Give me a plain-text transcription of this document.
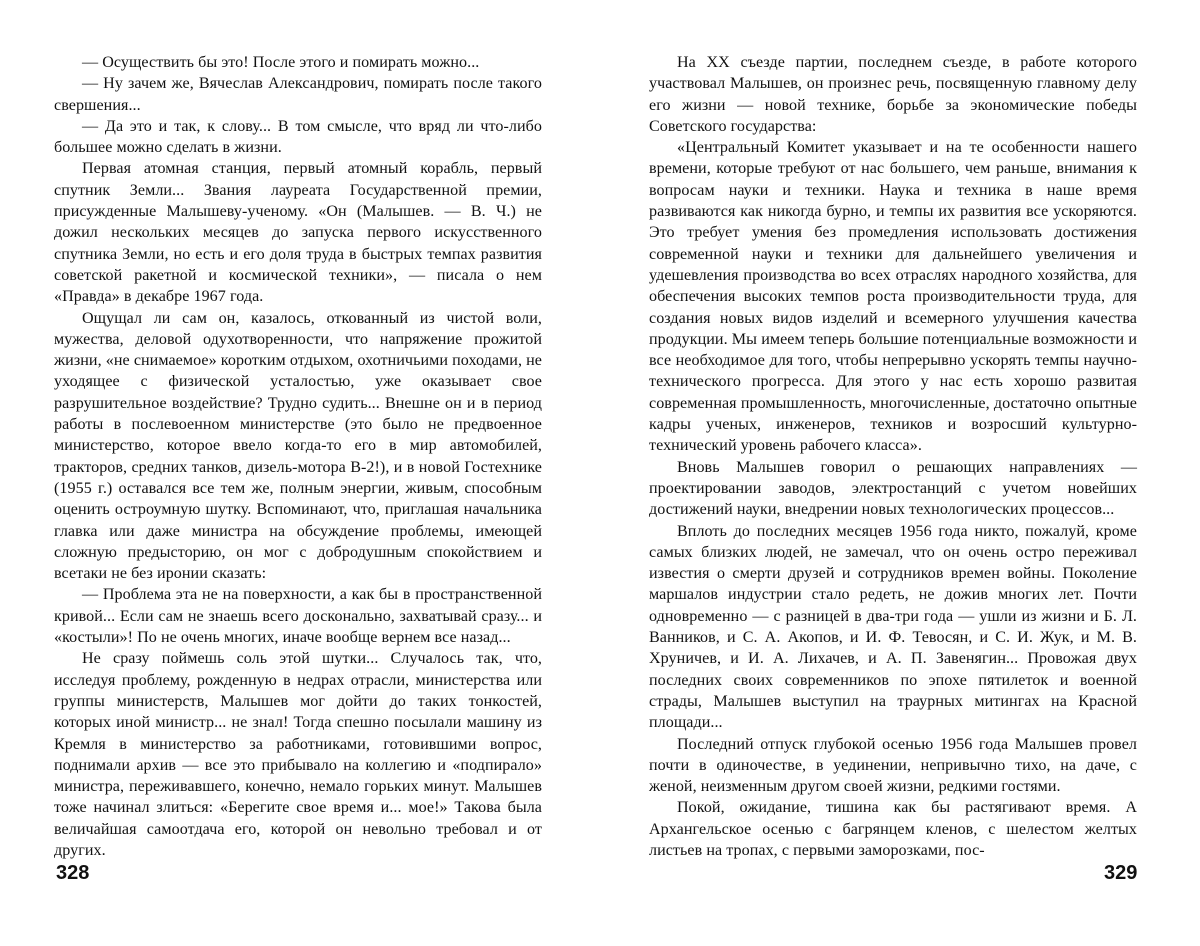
— Осуществить бы это! После этого и помирать можно...

— Ну зачем же, Вячеслав Александрович, помирать после такого свершения...

— Да это и так, к слову... В том смысле, что вряд ли что-либо большее можно сделать в жизни.

Первая атомная станция, первый атомный корабль, первый спутник Земли... Звания лауреата Государственной премии, присужденные Малышеву-ученому. «Он (Малышев. — В. Ч.) не дожил нескольких месяцев до запуска первого искусственного спутника Земли, но есть и его доля труда в быстрых темпах развития советской ракетной и космической техники», — писала о нем «Правда» в декабре 1967 года.

Ощущал ли сам он, казалось, откованный из чистой воли, мужества, деловой одухотворенности, что напряжение прожитой жизни, «не снимаемое» коротким отдыхом, охотничьими походами, не уходящее с физической усталостью, уже оказывает свое разрушительное воздействие? Трудно судить... Внешне он и в период работы в послевоенном министерстве (это было не предвоенное министерство, которое ввело когда-то его в мир автомобилей, тракторов, средних танков, дизель-мотора В-2!), и в новой Гостехнике (1955 г.) оставался все тем же, полным энергии, живым, способным оценить остроумную шутку. Вспоминают, что, приглашая начальника главка или даже министра на обсуждение проблемы, имеющей сложную предысторию, он мог с добродушным спокойствием и всетаки не без иронии сказать:

— Проблема эта не на поверхности, а как бы в пространственной кривой... Если сам не знаешь всего досконально, захватывай сразу... и «костыли»! По не очень многих, иначе вообще вернем все назад...

Не сразу поймешь соль этой шутки... Случалось так, что, исследуя проблему, рожденную в недрах отрасли, министерства или группы министерств, Малышев мог дойти до таких тонкостей, которых иной министр... не знал! Тогда спешно посылали машину из Кремля в министерство за работниками, готовившими вопрос, поднимали архив — все это прибывало на коллегию и «подпирало» министра, переживавшего, конечно, немало горьких минут. Малышев тоже начинал злиться: «Берегите свое время и... мое!» Такова была величайшая самоотдача его, которой он невольно требовал и от других.

328

На XX съезде партии, последнем съезде, в работе которого участвовал Малышев, он произнес речь, посвященную главному делу его жизни — новой технике, борьбе за экономические победы Советского государства:

«Центральный Комитет указывает и на те особенности нашего времени, которые требуют от нас большего, чем раньше, внимания к вопросам науки и техники. Наука и техника в наше время развиваются как никогда бурно, и темпы их развития все ускоряются. Это требует умения без промедления использовать достижения современной науки и техники для дальнейшего увеличения и удешевления производства во всех отраслях народного хозяйства, для обеспечения высоких темпов роста производительности труда, для создания новых видов изделий и всемерного улучшения качества продукции. Мы имеем теперь большие потенциальные возможности и все необходимое для того, чтобы непрерывно ускорять темпы научно-технического прогресса. Для этого у нас есть хорошо развитая современная промышленность, многочисленные, достаточно опытные кадры ученых, инженеров, техников и возросший культурно-технический уровень рабочего класса».

Вновь Малышев говорил о решающих направлениях — проектировании заводов, электростанций с учетом новейших достижений науки, внедрении новых технологических процессов...

Вплоть до последних месяцев 1956 года никто, пожалуй, кроме самых близких людей, не замечал, что он очень остро переживал известия о смерти друзей и сотрудников времен войны. Поколение маршалов индустрии стало редеть, не дожив многих лет. Почти одновременно — с разницей в два-три года — ушли из жизни и Б. Л. Ванников, и С. А. Акопов, и И. Ф. Тевосян, и С. И. Жук, и М. В. Хруничев, и И. А. Лихачев, и А. П. Завенягин... Провожая двух последних своих современников по эпохе пятилеток и военной страды, Малышев выступил на траурных митингах на Красной площади...

Последний отпуск глубокой осенью 1956 года Малышев провел почти в одиночестве, в уединении, непривычно тихо, на даче, с женой, неизменным другом своей жизни, редкими гостями.

Покой, ожидание, тишина как бы растягивают время. А Архангельское осенью с багрянцем кленов, с шелестом желтых листьев на тропах, с первыми заморозками, пос-

329
